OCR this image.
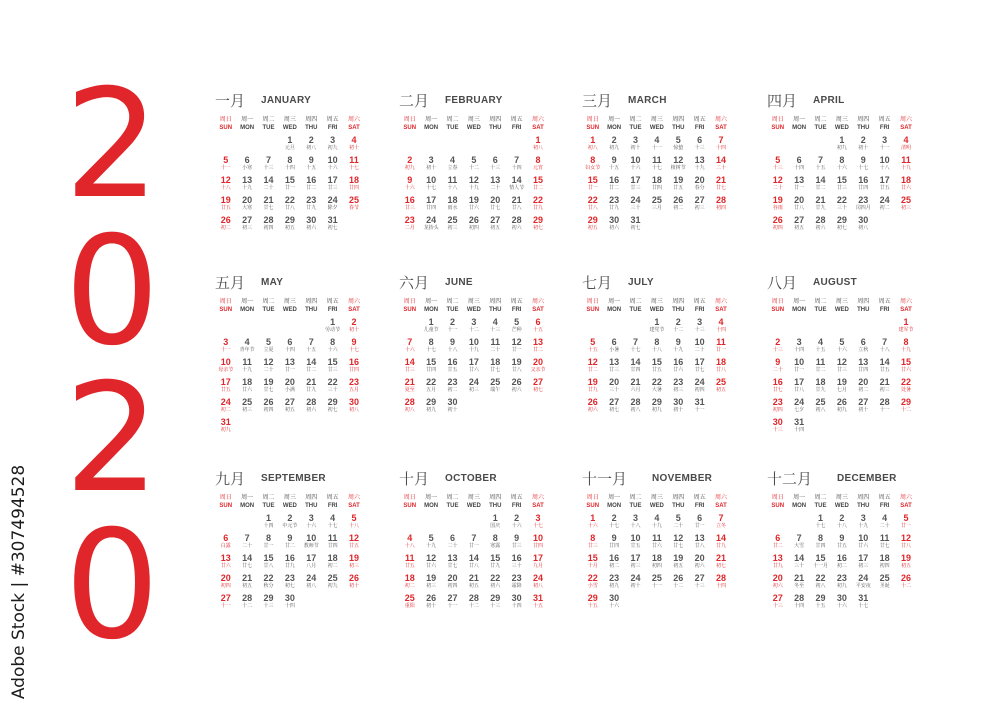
2
0
2
0
Adobe Stock | #307494528
一月 JANUARY
周日
SUN
周一
MON
周二
TUE
周三
WED
周四
THU
周五
FRI
周六
SAT
1
元旦
2
初八
3
初九
4
初十
5
十一
6
小寒
7
十三
8
十四
9
十五
10
十六
11
十七
12
十八
13
十九
14
二十
15
廿一
16
廿二
17
廿三
18
廿四
19
廿五
20
大寒
21
廿七
22
廿八
23
廿九
24
除夕
25
春节
26
初二
27
初三
28
初四
29
初五
30
初六
31
初七
二月 FEBRUARY
周日
SUN
周一
MON
周二
TUE
周三
WED
周四
THU
周五
FRI
周六
SAT
1
初八
2
初九
3
初十
4
立春
5
十二
6
十三
7
十四
8
元宵
9
十六
10
十七
11
十八
12
十九
13
二十
14
情人节
15
廿二
16
廿三
17
廿四
18
雨水
19
廿六
20
廿七
21
廿八
22
廿九
23
二月
24
龙抬头
25
初三
26
初四
27
初五
28
初六
29
初七
三月 MARCH
周日
SUN
周一
MON
周二
TUE
周三
WED
周四
THU
周五
FRI
周六
SAT
1
初八
2
初九
3
初十
4
十一
5
惊蛰
6
十三
7
十四
8
妇女节
9
十五
10
十六
11
十七
12
植树节
13
十九
14
二十
15
廿一
16
廿二
17
廿三
18
廿四
19
廿五
20
春分
21
廿七
22
廿八
23
廿九
24
三十
25
三月
26
初二
27
初三
28
初四
29
初五
30
初六
31
初七
四月 APRIL
周日
SUN
周一
MON
周二
TUE
周三
WED
周四
THU
周五
FRI
周六
SAT
1
初九
2
初十
3
十一
4
清明
5
十三
6
十四
7
十五
8
十六
9
十七
10
十八
11
十九
12
二十
13
廿一
14
廿二
15
廿三
16
廿四
17
廿五
18
廿六
19
谷雨
20
廿八
21
廿九
22
三十
23
闰四月
24
初二
25
初三
26
初四
27
初五
28
初六
29
初七
30
初八
五月 MAY
周日
SUN
周一
MON
周二
TUE
周三
WED
周四
THU
周五
FRI
周六
SAT
1
劳动节
2
初十
3
十一
4
青年节
5
立夏
6
十四
7
十五
8
十六
9
十七
10
母亲节
11
十九
12
二十
13
廿一
14
廿二
15
廿三
16
廿四
17
廿五
18
廿六
19
廿七
20
小满
21
廿九
22
三十
23
五月
24
初二
25
初三
26
初四
27
初五
28
初六
29
初七
30
初八
31
初九
六月 JUNE
周日
SUN
周一
MON
周二
TUE
周三
WED
周四
THU
周五
FRI
周六
SAT
1
儿童节
2
十一
3
十二
4
十三
5
芒种
6
十五
7
十六
8
十七
9
十八
10
十九
11
二十
12
廿一
13
廿二
14
廿三
15
廿四
16
廿五
17
廿六
18
廿七
19
廿八
20
父亲节
21
夏至
22
五月
23
初二
24
初三
25
端午
26
初六
27
初七
28
初八
29
初九
30
初十
七月 JULY
周日
SUN
周一
MON
周二
TUE
周三
WED
周四
THU
周五
FRI
周六
SAT
1
建党节
2
十二
3
十三
4
十四
5
十五
6
小暑
7
十七
8
十八
9
十九
10
二十
11
廿一
12
廿二
13
廿三
14
廿四
15
廿五
16
廿六
17
廿七
18
廿八
19
廿九
20
三十
21
六月
22
大暑
23
初三
24
初四
25
初五
26
初六
27
初七
28
初八
29
初九
30
初十
31
十一
八月 AUGUST
周日
SUN
周一
MON
周二
TUE
周三
WED
周四
THU
周五
FRI
周六
SAT
1
建军节
2
十三
3
十四
4
十五
5
十六
6
立秋
7
十八
8
十九
9
二十
10
廿一
11
廿二
12
廿三
13
廿四
14
廿五
15
廿六
16
廿七
17
廿八
18
廿九
19
七月
20
初二
21
初三
22
处暑
23
初四
24
七夕
25
初八
26
初九
27
初十
28
十一
29
十二
30
十三
31
十四
九月 SEPTEMBER
周日
SUN
周一
MON
周二
TUE
周三
WED
周四
THU
周五
FRI
周六
SAT
1
十四
2
中元节
3
十六
4
十七
5
十八
6
白露
7
二十
8
廿一
9
廿二
10
教师节
11
廿四
12
廿五
13
廿六
14
廿七
15
廿八
16
廿九
17
八月
18
初二
19
初三
20
初四
21
初五
22
秋分
23
初七
24
初八
25
初九
26
初十
27
十一
28
十二
29
十三
30
十四
十月 OCTOBER
周日
SUN
周一
MON
周二
TUE
周三
WED
周四
THU
周五
FRI
周六
SAT
1
国庆
2
十六
3
十七
4
十八
5
十九
6
二十
7
廿一
8
寒露
9
廿三
10
廿四
11
廿五
12
廿六
13
廿七
14
廿八
15
廿九
16
三十
17
九月
18
初二
19
初三
20
初四
21
初五
22
初六
23
霜降
24
初八
25
重阳
26
初十
27
十一
28
十二
29
十三
30
十四
31
十五
十一月 NOVEMBER
周日
SUN
周一
MON
周二
TUE
周三
WED
周四
THU
周五
FRI
周六
SAT
1
十六
2
十七
3
十八
4
十九
5
二十
6
廿一
7
立冬
8
廿三
9
廿四
10
廿五
11
廿六
12
廿七
13
廿八
14
廿九
15
十月
16
初二
17
初三
18
初四
19
初五
20
初六
21
初七
22
小雪
23
初九
24
初十
25
十一
26
十二
27
十三
28
十四
29
十五
30
十六
十二月 DECEMBER
周日
SUN
周一
MON
周二
TUE
周三
WED
周四
THU
周五
FRI
周六
SAT
1
十七
2
十八
3
十九
4
二十
5
廿一
6
廿二
7
大雪
8
廿四
9
廿五
10
廿六
11
廿七
12
廿八
13
廿九
14
三十
15
十一月
16
初二
17
初三
18
初四
19
初五
20
初六
21
冬至
22
初八
23
初九
24
平安夜
25
圣诞
26
十二
27
十三
28
十四
29
十五
30
十六
31
十七
